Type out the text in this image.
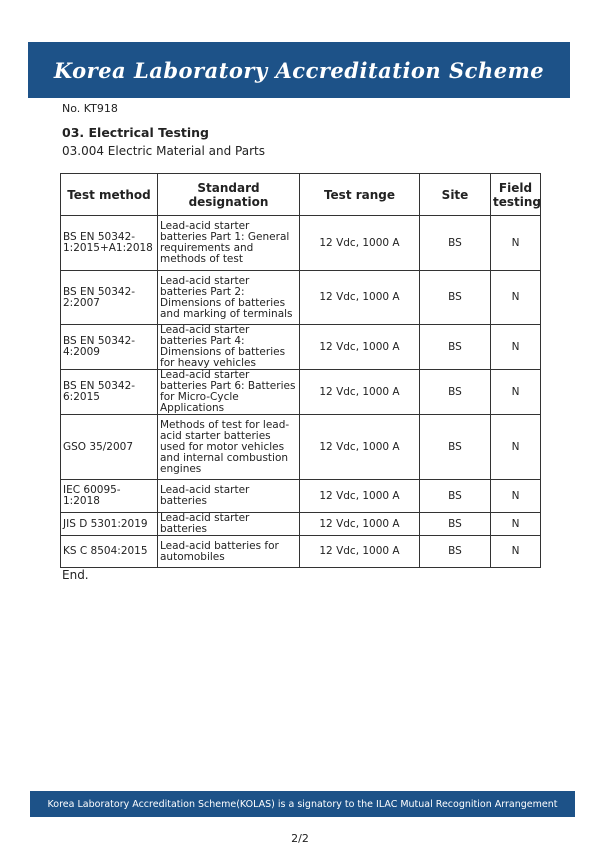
Korea Laboratory Accreditation Scheme
No. KT918
03. Electrical Testing
03.004 Electric Material and Parts
Test method	Standard designation	Test range	Site	Field testing
BS EN 50342-1:2015+A1:2018	Lead-acid starter batteries Part 1: General requirements and methods of test	12 Vdc, 1000 A	BS	N
BS EN 50342-2:2007	Lead-acid starter batteries Part 2: Dimensions of batteries and marking of terminals	12 Vdc, 1000 A	BS	N
BS EN 50342-4:2009	Lead-acid starter batteries Part 4: Dimensions of batteries for heavy vehicles	12 Vdc, 1000 A	BS	N
BS EN 50342-6:2015	Lead-acid starter batteries Part 6: Batteries for Micro-Cycle Applications	12 Vdc, 1000 A	BS	N
GSO 35/2007	Methods of test for lead-acid starter batteries used for motor vehicles and internal combustion engines	12 Vdc, 1000 A	BS	N
IEC 60095-1:2018	Lead-acid starter batteries	12 Vdc, 1000 A	BS	N
JIS D 5301:2019	Lead-acid starter batteries	12 Vdc, 1000 A	BS	N
KS C 8504:2015	Lead-acid batteries for automobiles	12 Vdc, 1000 A	BS	N
End.
Korea Laboratory Accreditation Scheme(KOLAS) is a signatory to the ILAC Mutual Recognition Arrangement
2/2
